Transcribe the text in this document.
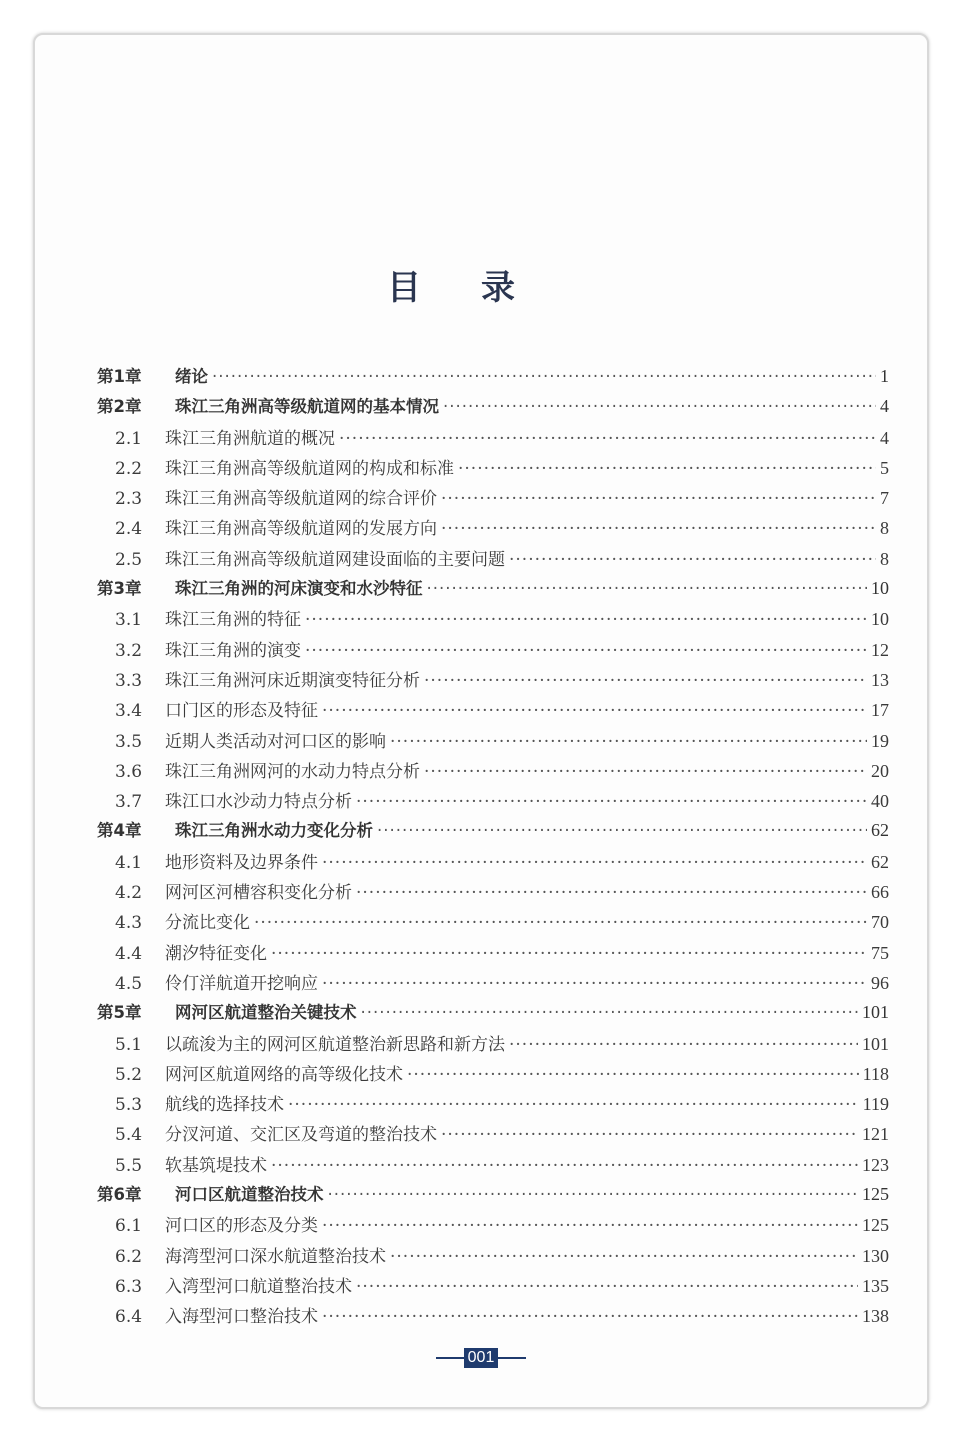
目录
第1章	绪论 ·····	1
第2章	珠江三角洲高等级航道网的基本情况 ·····	4
2.1	珠江三角洲航道的概况 ·····	4
2.2	珠江三角洲高等级航道网的构成和标准 ·····	5
2.3	珠江三角洲高等级航道网的综合评价 ·····	7
2.4	珠江三角洲高等级航道网的发展方向 ·····	8
2.5	珠江三角洲高等级航道网建设面临的主要问题 ·····	8
第3章	珠江三角洲的河床演变和水沙特征 ·····	10
3.1	珠江三角洲的特征 ·····	10
3.2	珠江三角洲的演变 ·····	12
3.3	珠江三角洲河床近期演变特征分析 ·····	13
3.4	口门区的形态及特征 ·····	17
3.5	近期人类活动对河口区的影响 ·····	19
3.6	珠江三角洲网河的水动力特点分析 ·····	20
3.7	珠江口水沙动力特点分析 ·····	40
第4章	珠江三角洲水动力变化分析 ·····	62
4.1	地形资料及边界条件 ·····	62
4.2	网河区河槽容积变化分析 ·····	66
4.3	分流比变化 ·····	70
4.4	潮汐特征变化 ·····	75
4.5	伶仃洋航道开挖响应 ·····	96
第5章	网河区航道整治关键技术 ·····	101
5.1	以疏浚为主的网河区航道整治新思路和新方法 ·····	101
5.2	网河区航道网络的高等级化技术 ·····	118
5.3	航线的选择技术 ·····	119
5.4	分汊河道、交汇区及弯道的整治技术 ·····	121
5.5	软基筑堤技术 ·····	123
第6章	河口区航道整治技术 ·····	125
6.1	河口区的形态及分类 ·····	125
6.2	海湾型河口深水航道整治技术 ·····	130
6.3	入湾型河口航道整治技术 ·····	135
6.4	入海型河口整治技术 ·····	138
001
